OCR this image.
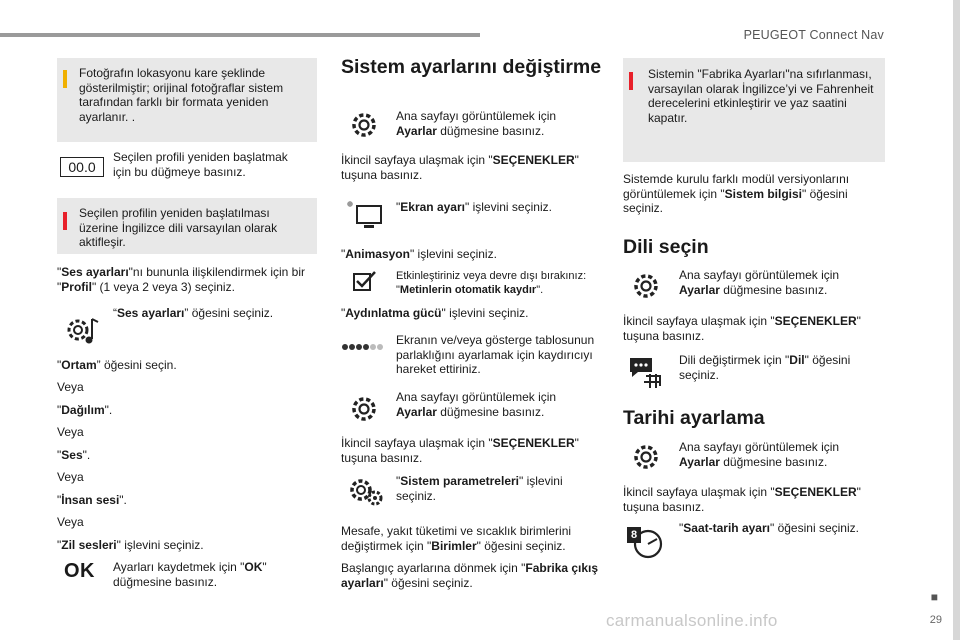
PEUGEOT Connect Nav
■
29
carmanualsonline.info
Fotoğrafın lokasyonu kare şeklinde gösterilmiştir; orijinal fotoğraflar sistem tarafından farklı bir formata yeniden ayarlanır. .
00.0
Seçilen profili yeniden başlatmak için bu düğmeye basınız.
Seçilen profilin yeniden başlatılması üzerine İngilizce dili varsayılan olarak aktifleşir.
"Ses ayarları"nı bununla ilişkilendirmek için bir "Profil" (1 veya 2 veya 3) seçiniz.
“Ses ayarları” öğesini seçiniz.
"Ortam” öğesini seçin.
Veya
"Dağılım".
Veya
"Ses".
Veya
"İnsan sesi".
Veya
"Zil sesleri" işlevini seçiniz.
OK Ayarları kaydetmek için "OK" düğmesine basınız.
Sistem ayarlarını değiştirme
Ana sayfayı görüntülemek için Ayarlar düğmesine basınız.
İkincil sayfaya ulaşmak için "SEÇENEKLER" tuşuna basınız.
"Ekran ayarı" işlevini seçiniz.
"Animasyon" işlevini seçiniz.
Etkinleştiriniz veya devre dışı bırakınız: "Metinlerin otomatik kaydır".
"Aydınlatma gücü" işlevini seçiniz.
Ekranın ve/veya gösterge tablosunun parlaklığını ayarlamak için kaydırıcıyı hareket ettiriniz.
Ana sayfayı görüntülemek için Ayarlar düğmesine basınız.
İkincil sayfaya ulaşmak için "SEÇENEKLER" tuşuna basınız.
"Sistem parametreleri" işlevini seçiniz.
Mesafe, yakıt tüketimi ve sıcaklık birimlerini değiştirmek için "Birimler" öğesini seçiniz.
Başlangıç ayarlarına dönmek için "Fabrika çıkış ayarları" öğesini seçiniz.
Sistemin "Fabrika Ayarları"na sıfırlanması, varsayılan olarak İngilizce’yi ve Fahrenheit derecelerini etkinleştirir ve yaz saatini kapatır.
Sistemde kurulu farklı modül versiyonlarını görüntülemek için "Sistem bilgisi" öğesini seçiniz.
Dili seçin
Ana sayfayı görüntülemek için Ayarlar düğmesine basınız.
İkincil sayfaya ulaşmak için "SEÇENEKLER" tuşuna basınız.
Dili değiştirmek için "Dil" öğesini seçiniz.
Tarihi ayarlama
Ana sayfayı görüntülemek için Ayarlar düğmesine basınız.
İkincil sayfaya ulaşmak için "SEÇENEKLER" tuşuna basınız.
8	"Saat-tarih ayarı" öğesini seçiniz.
